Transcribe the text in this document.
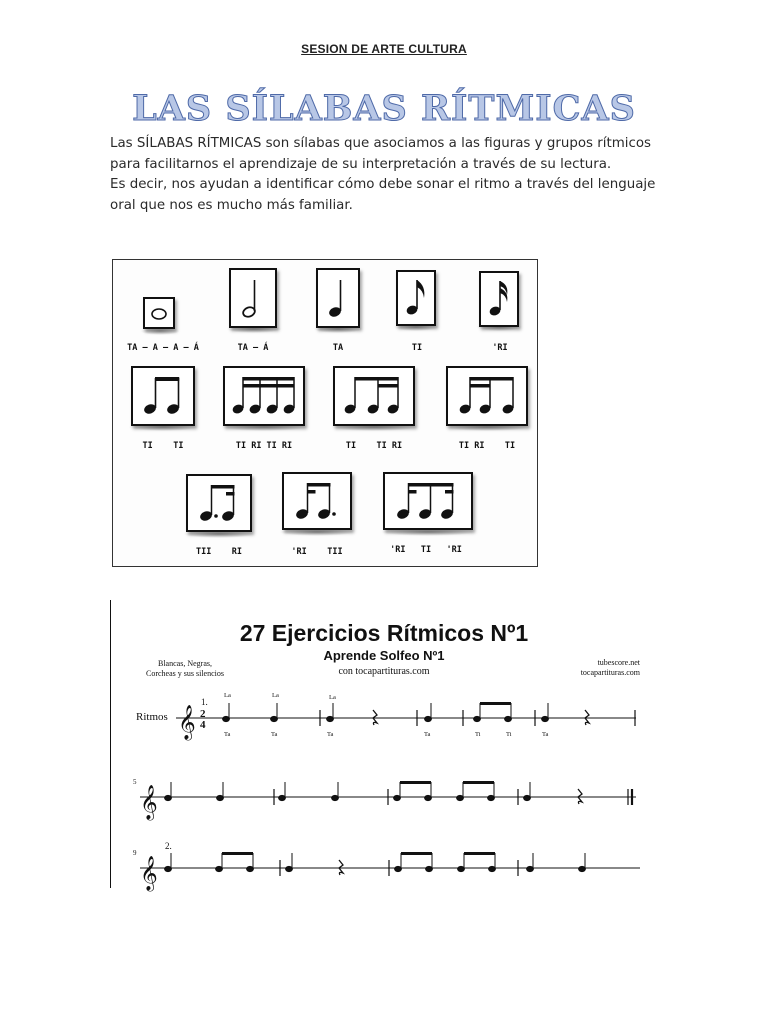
SESION DE ARTE CULTURA
LAS SÍLABAS RÍTMICAS

Las SÍLABAS RÍTMICAS son sílabas que asociamos a las figuras y grupos rítmicos para facilitarnos el aprendizaje de su interpretación a través de su lectura.

Es decir, nos ayudan a identificar cómo debe sonar el ritmo a través del lenguaje oral que nos es mucho más familiar.

TA – A – A – Á	TA – Á	TA	TI	'RI
TI    TI	TI RI TI RI	TI    TI RI	TI RI    TI
TII    RI	'RI    TII	'RI   TI   'RI
27 Ejercicios Rítmicos Nº1
Aprende Solfeo Nº1
con tocapartituras.com
Blancas, Negras,
Corcheas y sus silencios
tubescore.net
tocapartituras.com
Ritmos
1.
2.
5
9
La	La	La
Ta	Ta	Ta	Ta	Ti	Ti	Ta
𝄞 2
4
𝄞
𝄞
